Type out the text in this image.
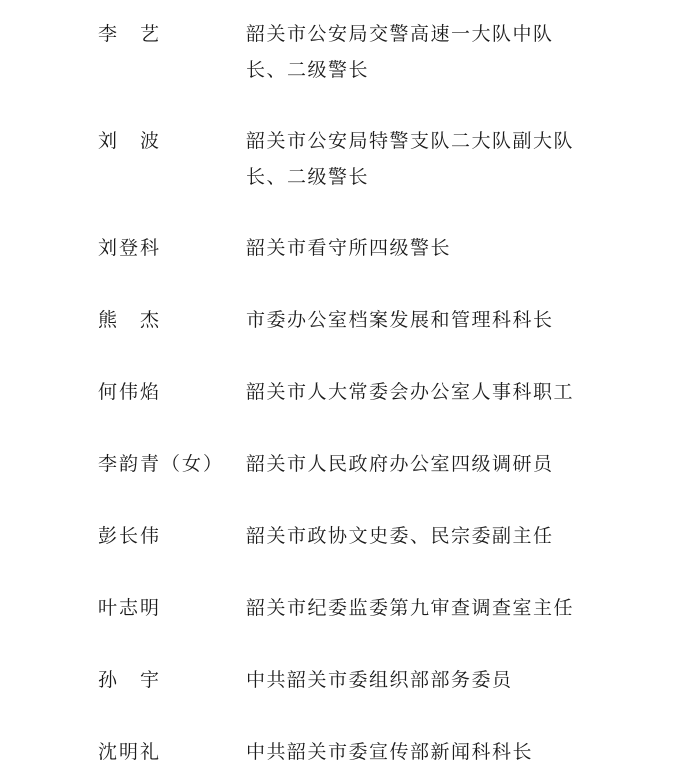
李　艺	韶关市公安局交警高速一大队中队长、二级警长
刘　波	韶关市公安局特警支队二大队副大队长、二级警长
刘登科	韶关市看守所四级警长
熊　杰	市委办公室档案发展和管理科科长
何伟焰	韶关市人大常委会办公室人事科职工
李韵青（女） 韶关市人民政府办公室四级调研员
彭长伟	韶关市政协文史委、民宗委副主任
叶志明	韶关市纪委监委第九审查调查室主任
孙　宇	中共韶关市委组织部部务委员
沈明礼	中共韶关市委宣传部新闻科科长
